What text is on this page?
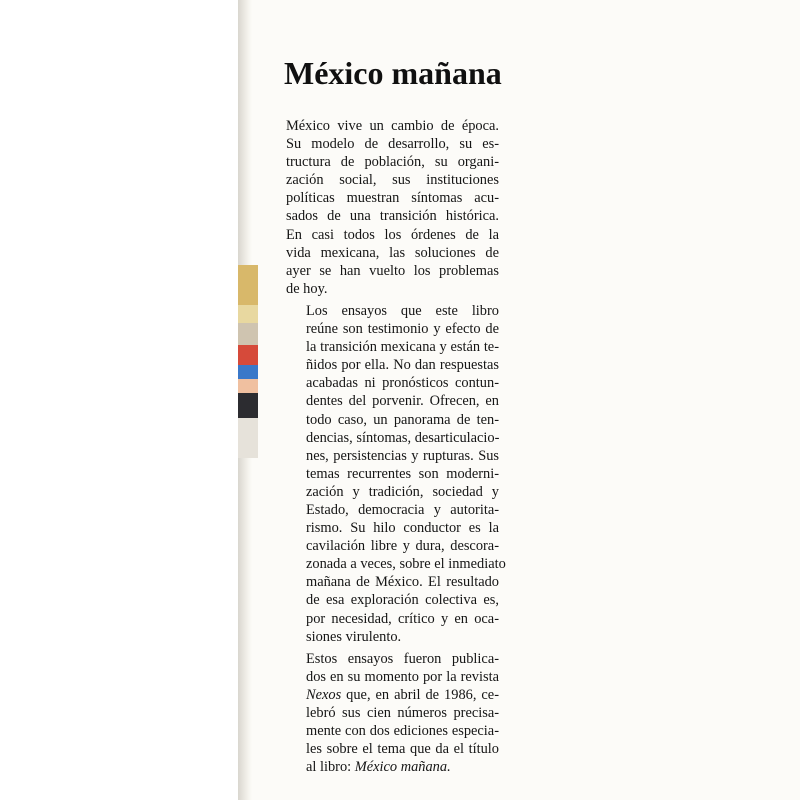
México mañana

México vive un cambio de época.
Su modelo de desarrollo, su es-
tructura de población, su organi-
zación social, sus instituciones
políticas muestran síntomas acu-
sados de una transición histórica.
En casi todos los órdenes de la
vida mexicana, las soluciones de
ayer se han vuelto los problemas
de hoy.

Los ensayos que este libro
reúne son testimonio y efecto de
la transición mexicana y están te-
ñidos por ella. No dan respuestas
acabadas ni pronósticos contun-
dentes del porvenir. Ofrecen, en
todo caso, un panorama de ten-
dencias, síntomas, desarticulacio-
nes, persistencias y rupturas. Sus
temas recurrentes son moderni-
zación y tradición, sociedad y
Estado, democracia y autorita-
rismo. Su hilo conductor es la
cavilación libre y dura, descora-
zonada a veces, sobre el inmediato
mañana de México. El resultado
de esa exploración colectiva es,
por necesidad, crítico y en oca-
siones virulento.

Estos ensayos fueron publica-
dos en su momento por la revista
Nexos que, en abril de 1986, ce-
lebró sus cien números precisa-
mente con dos ediciones especia-
les sobre el tema que da el título
al libro: México mañana.
